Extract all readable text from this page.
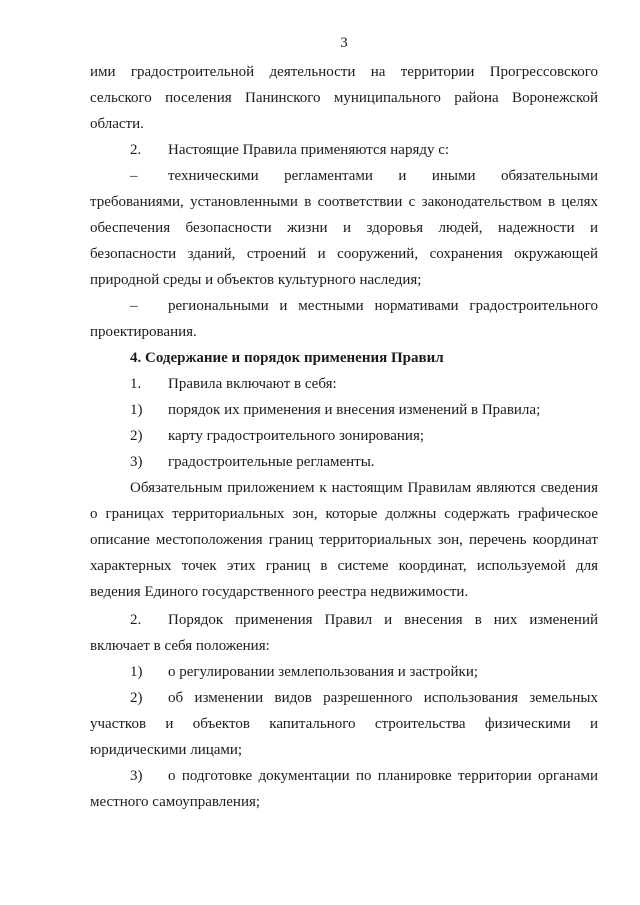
3
ими градостроительной деятельности на территории Прогрессовского
сельского поселения Панинского муниципального района Воронежской
области.
2. Настоящие Правила применяются наряду с:
– техническими регламентами и иными обязательными
требованиями, установленными в соответствии с законодательством в целях
обеспечения безопасности жизни и здоровья людей, надежности и
безопасности зданий, строений и сооружений, сохранения окружающей
природной среды и объектов культурного наследия;
– региональными и местными нормативами градостроительного
проектирования.
4. Содержание и порядок применения Правил
1. Правила включают в себя:
1) порядок их применения и внесения изменений в Правила;
2) карту градостроительного зонирования;
3) градостроительные регламенты.
Обязательным приложением к настоящим Правилам являются сведения
о границах территориальных зон, которые должны содержать графическое
описание местоположения границ территориальных зон, перечень координат
характерных точек этих границ в системе координат, используемой для
ведения Единого государственного реестра недвижимости.
2. Порядок применения Правил и внесения в них изменений
включает в себя положения:
1) о регулировании землепользования и застройки;
2) об изменении видов разрешенного использования земельных
участков и объектов капитального строительства физическими и
юридическими лицами;
3) о подготовке документации по планировке территории органами
местного самоуправления;
